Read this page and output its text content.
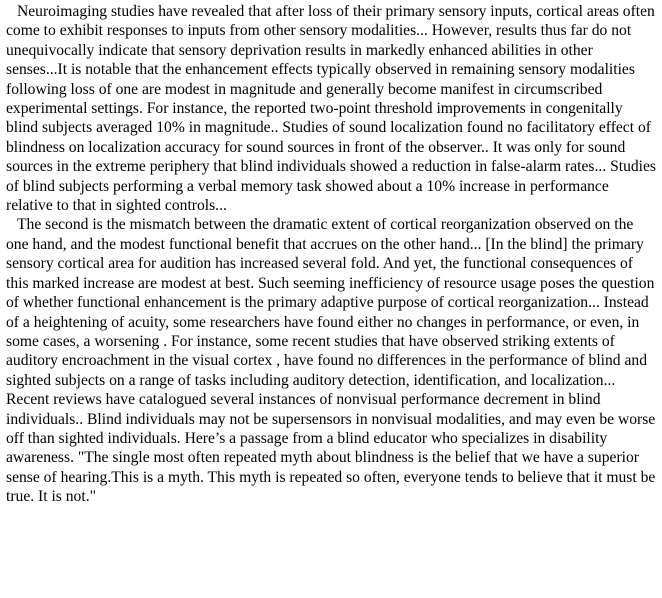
Neuroimaging studies have revealed that after loss of their primary sensory inputs, cortical areas often come to exhibit responses to inputs from other sensory modalities... However, results thus far do not unequivocally indicate that sensory deprivation results in markedly enhanced abilities in other senses...It is notable that the enhancement effects typically observed in remaining sensory modalities following loss of one are modest in magnitude and generally become manifest in circumscribed experimental settings. For instance, the reported two-point threshold improvements in congenitally blind subjects averaged 10% in magnitude.. Studies of sound localization found no facilitatory effect of blindness on localization accuracy for sound sources in front of the observer.. It was only for sound sources in the extreme periphery that blind individuals showed a reduction in false-alarm rates... Studies of blind subjects performing a verbal memory task showed about a 10% increase in performance relative to that in sighted controls...

The second is the mismatch between the dramatic extent of cortical reorganization observed on the one hand, and the modest functional benefit that accrues on the other hand... [In the blind] the primary sensory cortical area for audition has increased several fold. And yet, the functional consequences of this marked increase are modest at best. Such seeming inefficiency of resource usage poses the question of whether functional enhancement is the primary adaptive purpose of cortical reorganization... Instead of a heightening of acuity, some researchers have found either no changes in performance, or even, in some cases, a worsening . For instance, some recent studies that have observed striking extents of auditory encroachment in the visual cortex , have found no differences in the performance of blind and sighted subjects on a range of tasks including auditory detection, identification, and localization... Recent reviews have catalogued several instances of nonvisual performance decrement in blind individuals.. Blind individuals may not be supersensors in nonvisual modalities, and may even be worse off than sighted individuals. Here’s a passage from a blind educator who specializes in disability awareness. "The single most often repeated myth about blindness is the belief that we have a superior sense of hearing.This is a myth. This myth is repeated so often, everyone tends to believe that it must be true. It is not."
